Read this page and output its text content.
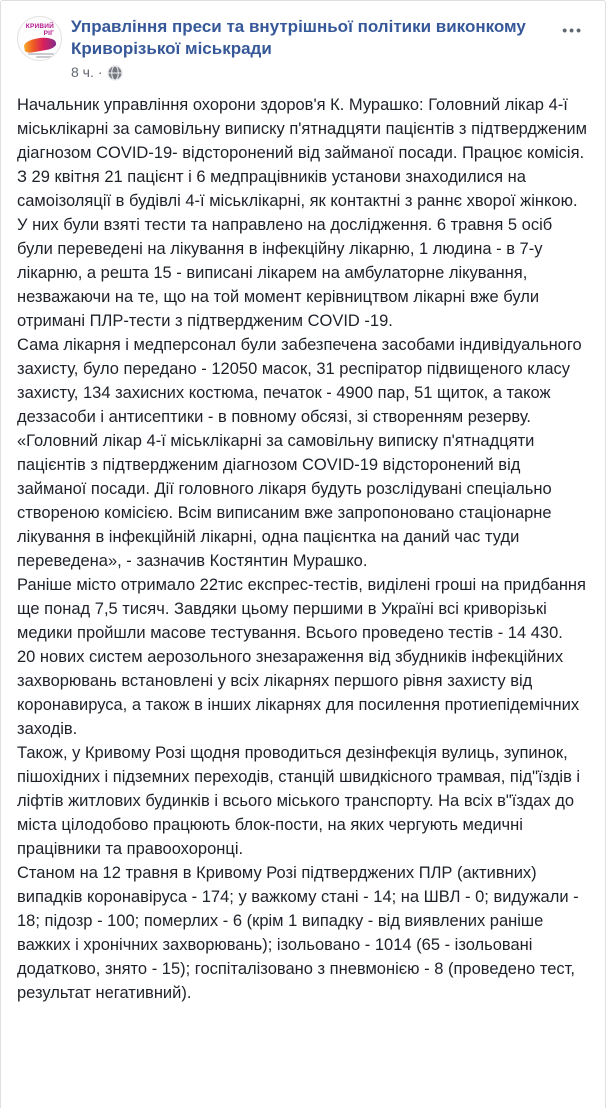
КРИВИЙ
РІГ Управління преси та внутрішньої політики виконкому Криворізької міськради
8 ч. ·
•••

Начальник управління охорони здоров'я К. Мурашко: Головний лікар 4-ї міськлікарні за самовільну виписку п'ятнадцяти пацієнтів з підтвердженим діагнозом COVID-19- відсторонений від займаної посади. Працює комісія.

З 29 квітня 21 пацієнт і 6 медпрацівників установи знаходилися на самоізоляції в будівлі 4-ї міськлікарні, як контактні з раннє хворої жінкою. У них були взяті тести та направлено на дослідження. 6 травня 5 осіб були переведені на лікування в інфекційну лікарню, 1 людина - в 7-у лікарню, а решта 15 - виписані лікарем на амбулаторне лікування, незважаючи на те, що на той момент керівництвом лікарні вже були отримані ПЛР-тести з підтвердженим COVID -19.

Сама лікарня і медперсонал були забезпечена засобами індивідуального захисту, було передано - 12050 масок, 31 респіратор підвищеного класу захисту, 134 захисних костюма, печаток - 4900 пар, 51 щиток, а також деззасоби і антисептики - в повному обсязі, зі створенням резерву.

«Головний лікар 4-ї міськлікарні за самовільну виписку п'ятнадцяти пацієнтів з підтвердженим діагнозом COVID-19 відсторонений від займаної посади. Дії головного лікаря будуть розслідувані спеціально створеною комісією. Всім виписаним вже запропоновано стаціонарне лікування в інфекційній лікарні, одна пацієнтка на даний час туди переведена», - зазначив Костянтин Мурашко.

Раніше місто отримало 22тис експрес-тестів, виділені гроші на придбання ще понад 7,5 тисяч. Завдяки цьому першими в Україні всі криворізькі медики пройшли масове тестування. Всього проведено тестів - 14 430.

20 нових систем аерозольного знезараження від збудників інфекційних захворювань встановлені у всіх лікарнях першого рівня захисту від коронавируса, а також в інших лікарнях для посилення протиепідемічних заходів.

Також, у Кривому Розі щодня проводиться дезінфекція вулиць, зупинок, пішохідних і підземних переходів, станцій швидкісного трамвая, під"їздів і ліфтів житлових будинків і всього міського транспорту. На всіх в"їздах до міста цілодобово працюють блок-пости, на яких чергують медичні працівники та правоохоронці.

Станом на 12 травня в Кривому Розі підтверджених ПЛР (активних) випадків коронавіруса - 174; у важкому стані - 14; на ШВЛ - 0; видужали - 18; підозр - 100; померлих - 6 (крім 1 випадку - від виявлених раніше важких і хронічних захворювань); ізольовано - 1014 (65 - ізольовані додатково, знято - 15); госпіталізовано з пневмонією - 8 (проведено тест, результат негативний).
